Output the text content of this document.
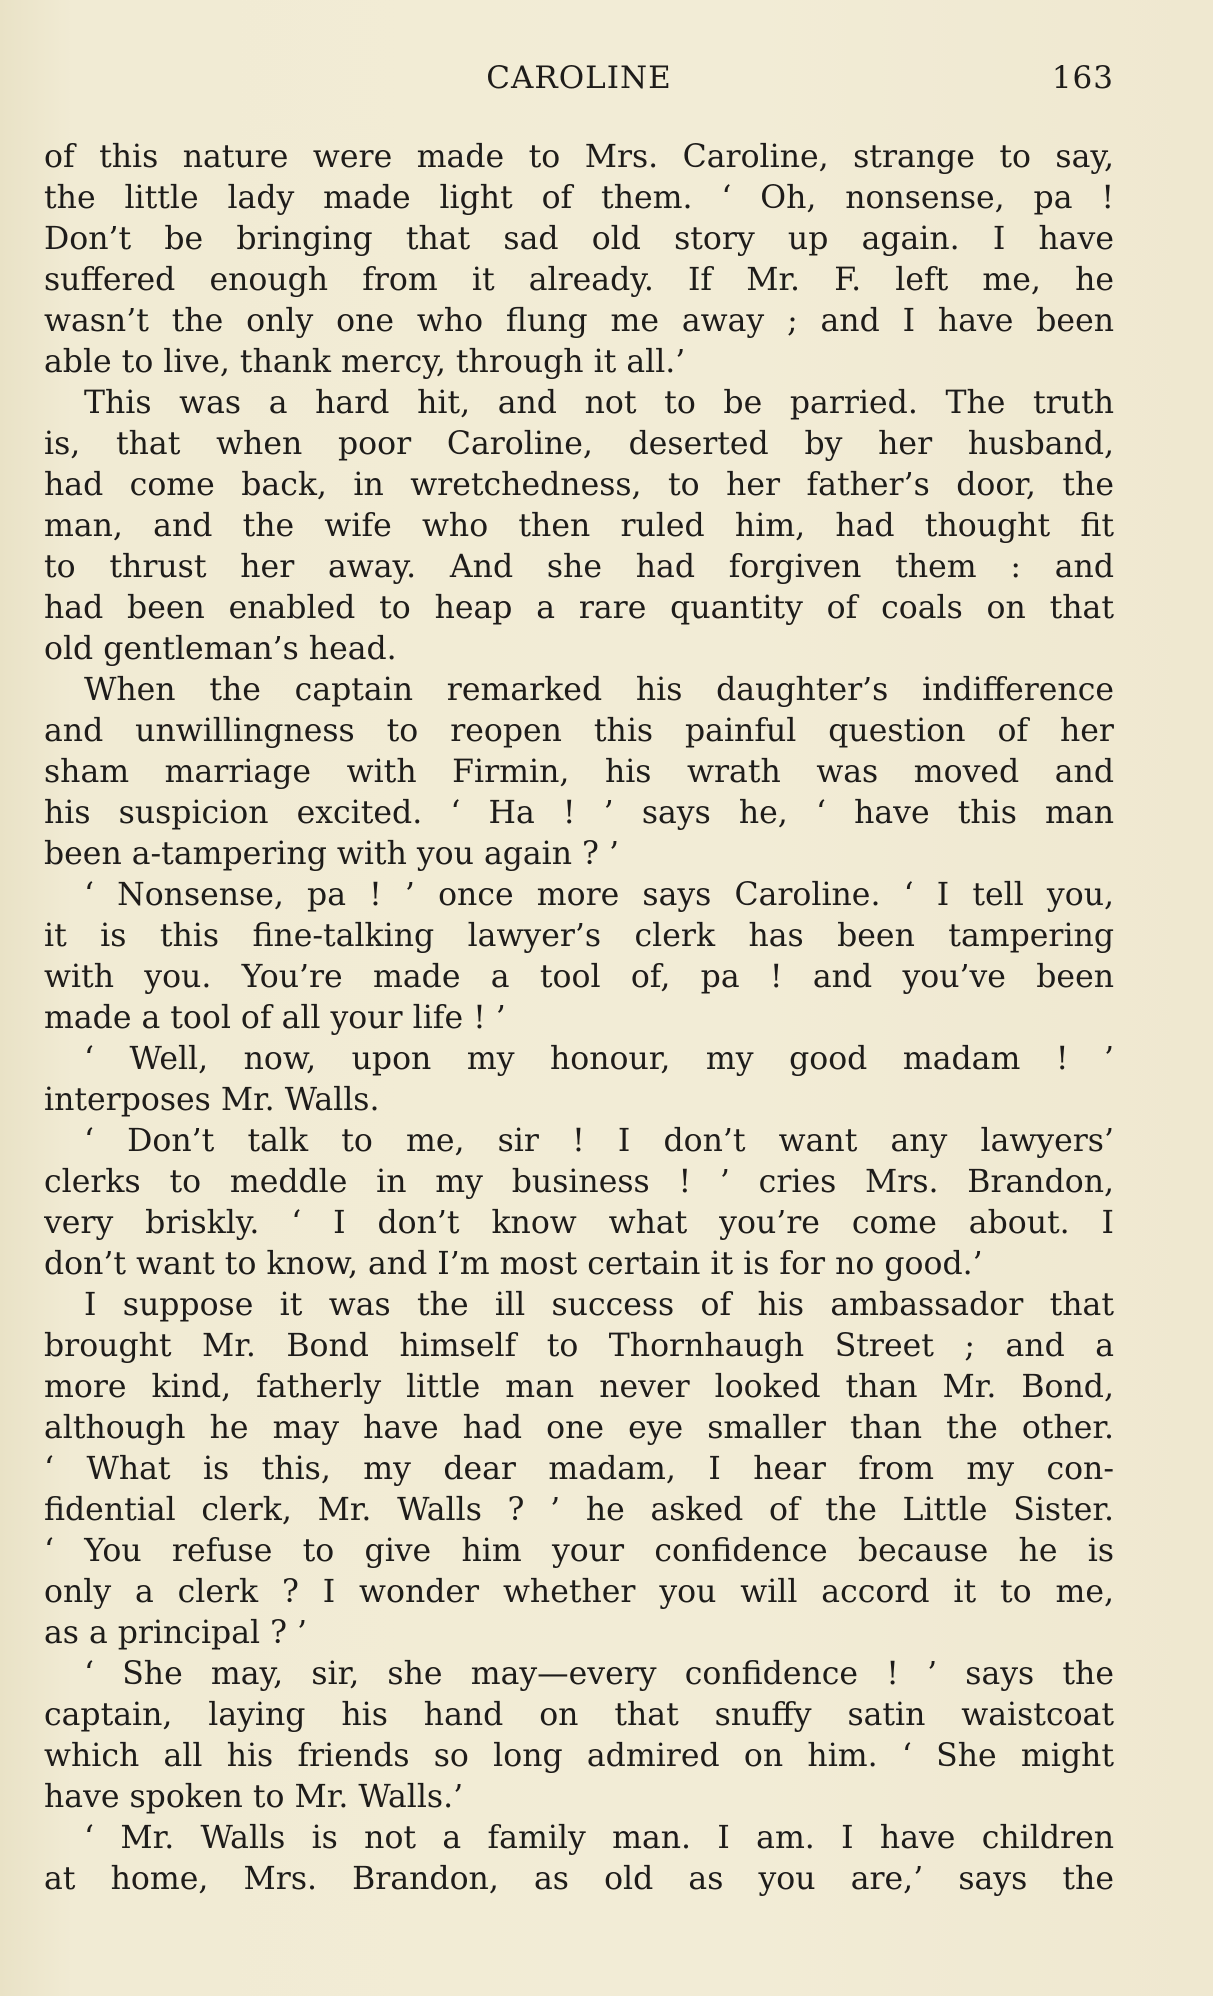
CAROLINE	163
of this nature were made to Mrs. Caroline, strange to say,
the little lady made light of them. ‘ Oh, nonsense, pa !
Don’t be bringing that sad old story up again. I have
suffered enough from it already. If Mr. F. left me, he
wasn’t the only one who flung me away ; and I have been
able to live, thank mercy, through it all.’
This was a hard hit, and not to be parried. The truth
is, that when poor Caroline, deserted by her husband,
had come back, in wretchedness, to her father’s door, the
man, and the wife who then ruled him, had thought fit
to thrust her away. And she had forgiven them : and
had been enabled to heap a rare quantity of coals on that
old gentleman’s head.
When the captain remarked his daughter’s indifference
and unwillingness to reopen this painful question of her
sham marriage with Firmin, his wrath was moved and
his suspicion excited. ‘ Ha ! ’ says he, ‘ have this man
been a-tampering with you again ? ’
‘ Nonsense, pa ! ’ once more says Caroline. ‘ I tell you,
it is this fine-talking lawyer’s clerk has been tampering
with you. You’re made a tool of, pa ! and you’ve been
made a tool of all your life ! ’
‘ Well, now, upon my honour, my good madam ! ’
interposes Mr. Walls.
‘ Don’t talk to me, sir ! I don’t want any lawyers’
clerks to meddle in my business ! ’ cries Mrs. Brandon,
very briskly. ‘ I don’t know what you’re come about. I
don’t want to know, and I’m most certain it is for no good.’
I suppose it was the ill success of his ambassador that
brought Mr. Bond himself to Thornhaugh Street ; and a
more kind, fatherly little man never looked than Mr. Bond,
although he may have had one eye smaller than the other.
‘ What is this, my dear madam, I hear from my con-
fidential clerk, Mr. Walls ? ’ he asked of the Little Sister.
‘ You refuse to give him your confidence because he is
only a clerk ? I wonder whether you will accord it to me,
as a principal ? ’
‘ She may, sir, she may—every confidence ! ’ says the
captain, laying his hand on that snuffy satin waistcoat
which all his friends so long admired on him. ‘ She might
have spoken to Mr. Walls.’
‘ Mr. Walls is not a family man. I am. I have children
at home, Mrs. Brandon, as old as you are,’ says the
